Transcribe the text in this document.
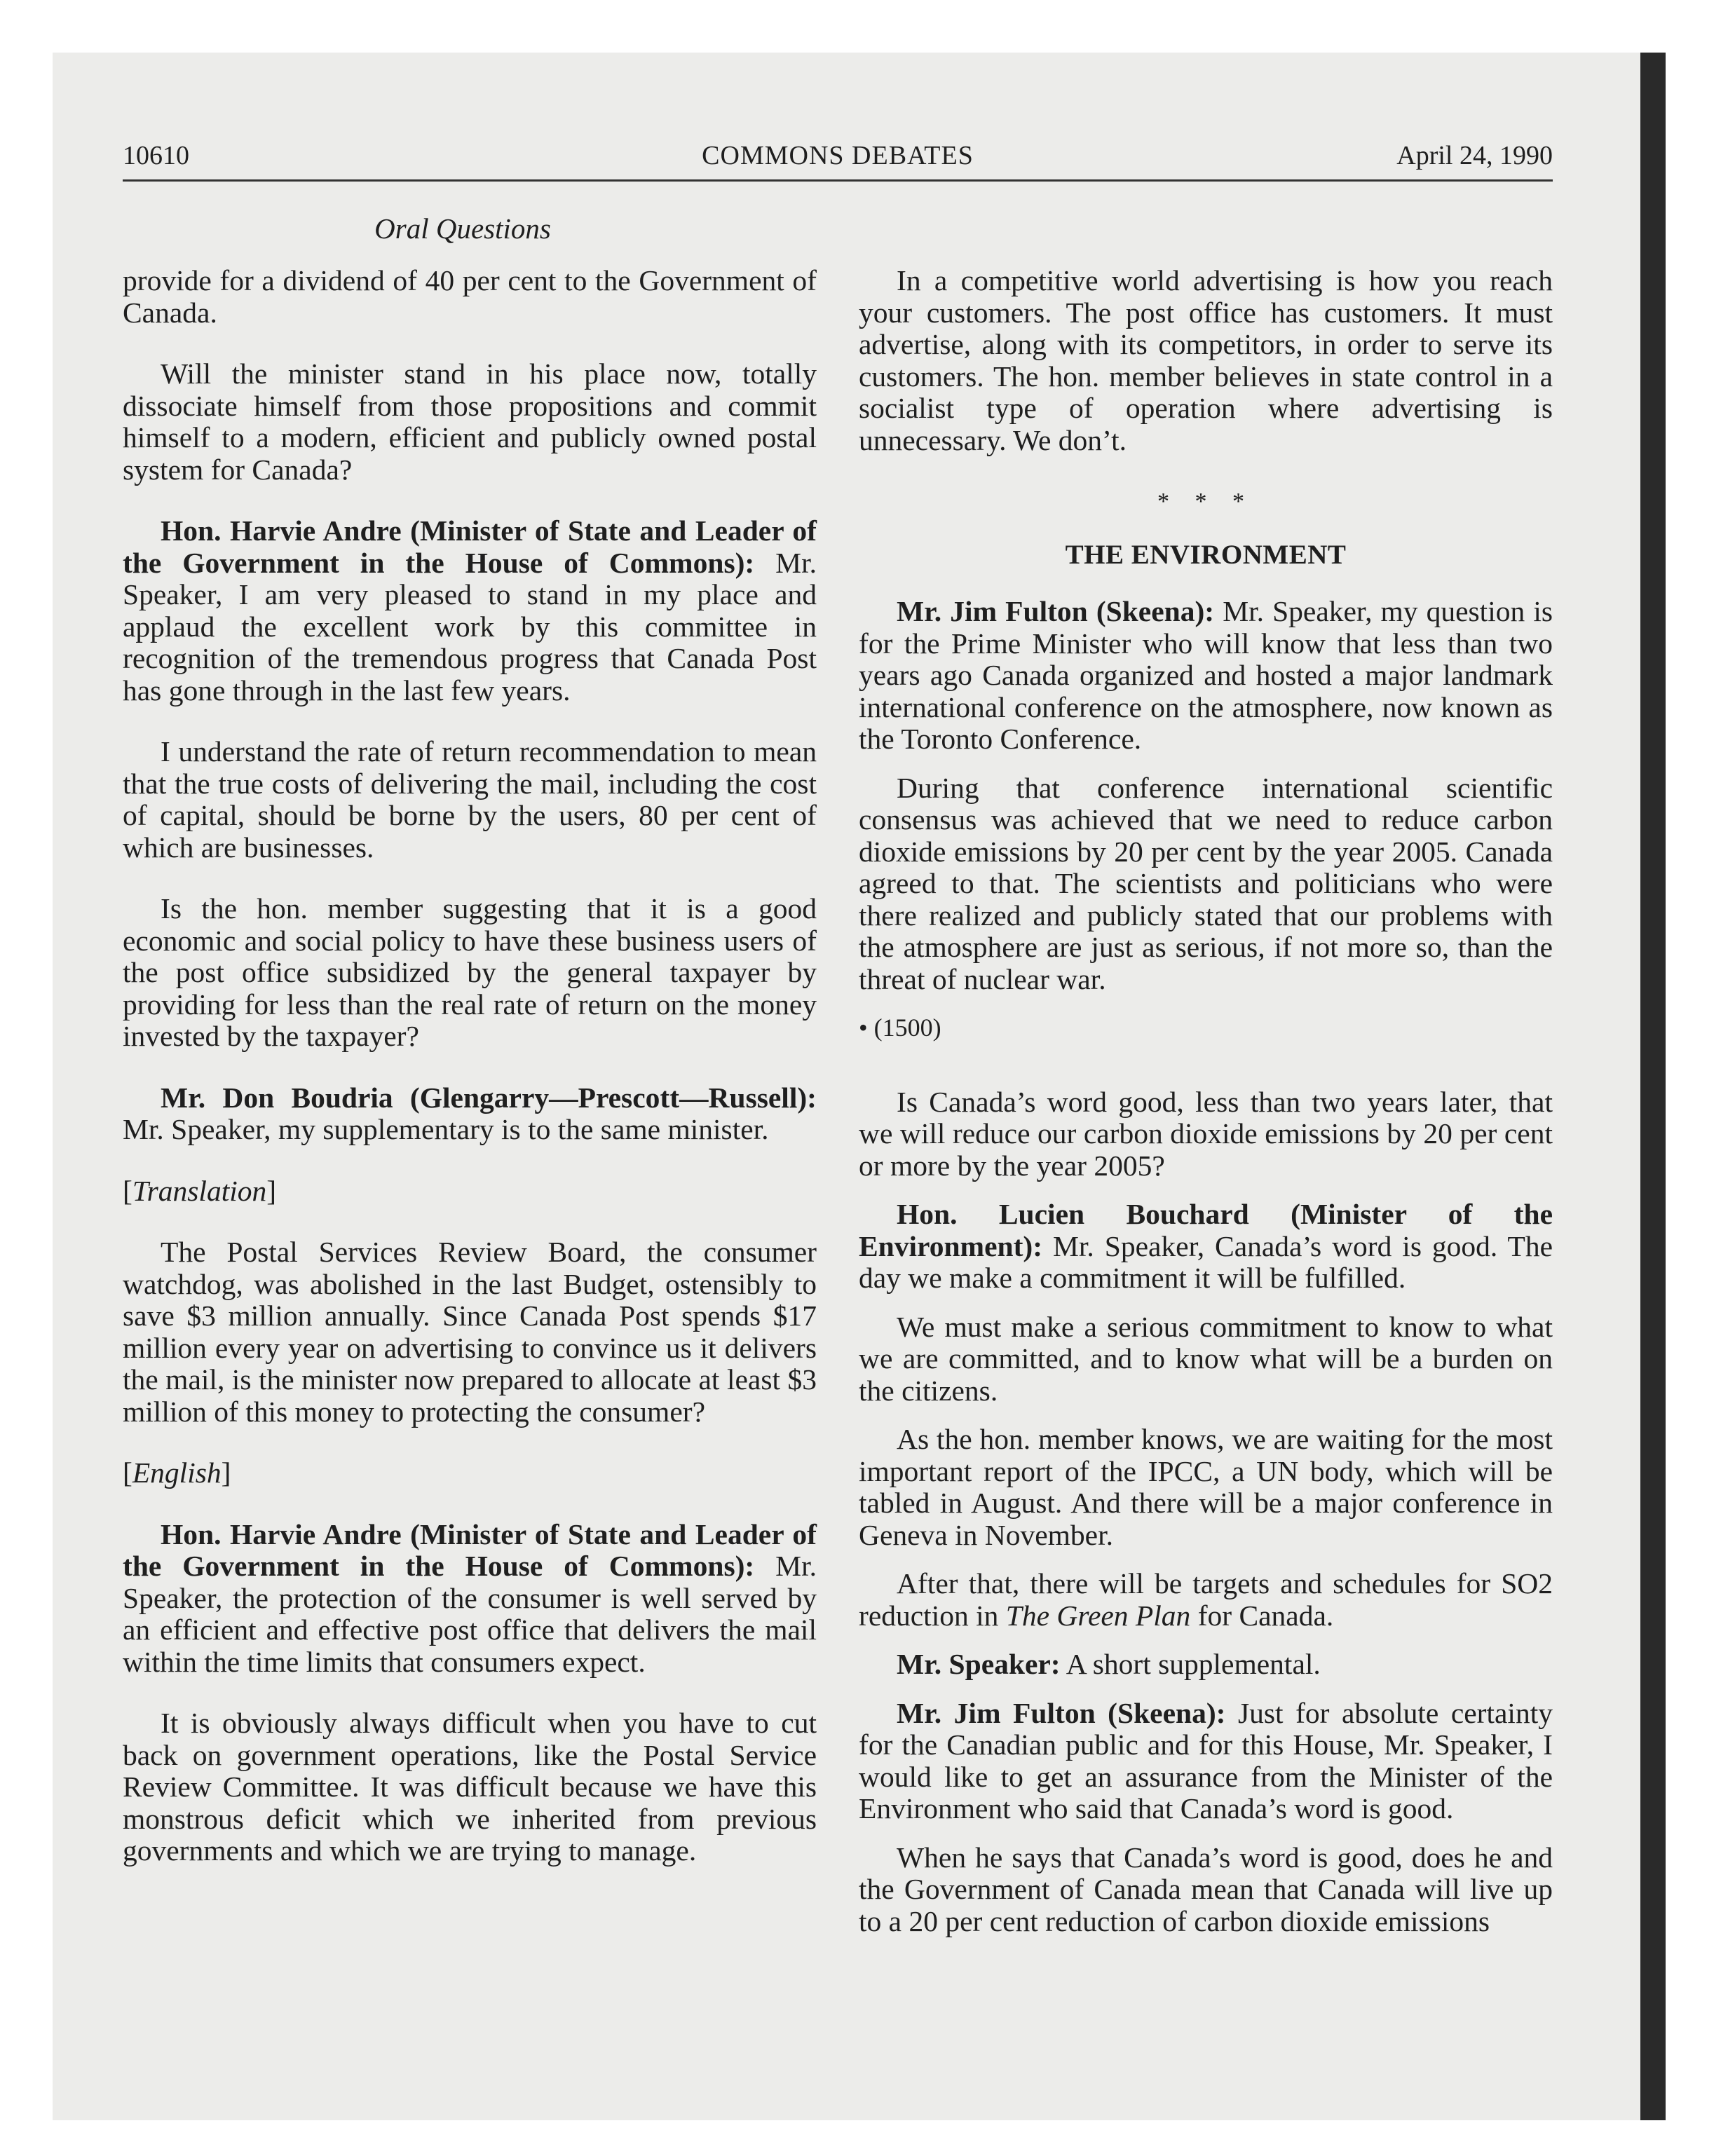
10610	COMMONS DEBATES	April 24, 1990
Oral Questions

provide for a dividend of 40 per cent to the Government of Canada.

Will the minister stand in his place now, totally dissociate himself from those propositions and commit himself to a modern, efficient and publicly owned postal system for Canada?

Hon. Harvie Andre (Minister of State and Leader of the Government in the House of Commons): Mr. Speaker, I am very pleased to stand in my place and applaud the excellent work by this committee in recognition of the tremendous progress that Canada Post has gone through in the last few years.

I understand the rate of return recommendation to mean that the true costs of delivering the mail, including the cost of capital, should be borne by the users, 80 per cent of which are businesses.

Is the hon. member suggesting that it is a good economic and social policy to have these business users of the post office subsidized by the general taxpayer by providing for less than the real rate of return on the money invested by the taxpayer?

Mr. Don Boudria (Glengarry—Prescott—Russell): Mr. Speaker, my supplementary is to the same minister.

[Translation]

The Postal Services Review Board, the consumer watchdog, was abolished in the last Budget, ostensibly to save $3 million annually. Since Canada Post spends $17 million every year on advertising to convince us it delivers the mail, is the minister now prepared to allocate at least $3 million of this money to protecting the consumer?

[English]

Hon. Harvie Andre (Minister of State and Leader of the Government in the House of Commons): Mr. Speaker, the protection of the consumer is well served by an efficient and effective post office that delivers the mail within the time limits that consumers expect.

It is obviously always difficult when you have to cut back on government operations, like the Postal Service Review Committee. It was difficult because we have this monstrous deficit which we inherited from previous governments and which we are trying to manage.

In a competitive world advertising is how you reach your customers. The post office has customers. It must advertise, along with its competitors, in order to serve its customers. The hon. member believes in state control in a socialist type of operation where advertising is unnecessary. We don’t.

* * *
THE ENVIRONMENT

Mr. Jim Fulton (Skeena): Mr. Speaker, my question is for the Prime Minister who will know that less than two years ago Canada organized and hosted a major landmark international conference on the atmosphere, now known as the Toronto Conference.

During that conference international scientific consensus was achieved that we need to reduce carbon dioxide emissions by 20 per cent by the year 2005. Canada agreed to that. The scientists and politicians who were there realized and publicly stated that our problems with the atmosphere are just as serious, if not more so, than the threat of nuclear war.

• (1500)

Is Canada’s word good, less than two years later, that we will reduce our carbon dioxide emissions by 20 per cent or more by the year 2005?

Hon. Lucien Bouchard (Minister of the Environment): Mr. Speaker, Canada’s word is good. The day we make a commitment it will be fulfilled.

We must make a serious commitment to know to what we are committed, and to know what will be a burden on the citizens.

As the hon. member knows, we are waiting for the most important report of the IPCC, a UN body, which will be tabled in August. And there will be a major conference in Geneva in November.

After that, there will be targets and schedules for SO2 reduction in The Green Plan for Canada.

Mr. Speaker: A short supplemental.

Mr. Jim Fulton (Skeena): Just for absolute certainty for the Canadian public and for this House, Mr. Speaker, I would like to get an assurance from the Minister of the Environment who said that Canada’s word is good.

When he says that Canada’s word is good, does he and the Government of Canada mean that Canada will live up to a 20 per cent reduction of carbon dioxide emissions
